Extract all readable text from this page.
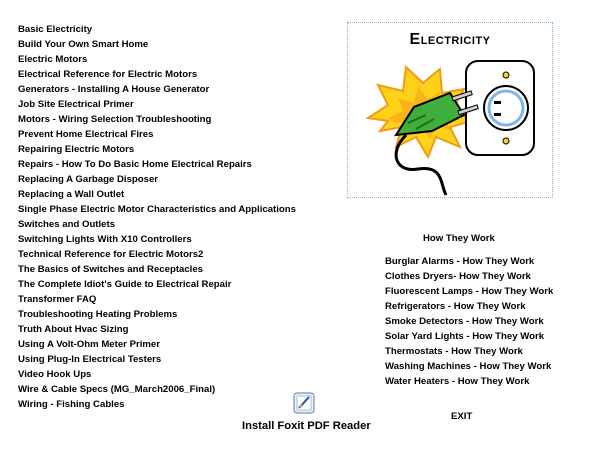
Basic Electricity
Build Your Own Smart Home
Electric Motors
Electrical Reference for Electric Motors
Generators - Installing A House Generator
Job Site Electrical Primer
Motors - Wiring Selection Troubleshooting
Prevent Home Electrical Fires
Repairing Electric Motors
Repairs - How To Do Basic Home Electrical Repairs
Replacing A Garbage Disposer
Replacing a Wall Outlet
Single Phase Electric Motor Characteristics and Applications
Switches and Outlets
Switching Lights With X10 Controllers
Technical Reference for Electric Motors2
The Basics of Switches and Receptacles
The Complete Idiot's Guide to Electrical Repair
Transformer FAQ
Troubleshooting Heating Problems
Truth About Hvac Sizing
Using A Volt-Ohm Meter Primer
Using Plug-In Electrical Testers
Video Hook Ups
Wire & Cable Specs (MG_March2006_Final)
Wiring - Fishing Cables
Electricity
How They Work
Burglar Alarms - How They Work
Clothes Dryers- How They Work
Fluorescent Lamps - How They Work
Refrigerators - How They Work
Smoke Detectors - How They Work
Solar Yard Lights - How They Work
Thermostats - How They Work
Washing Machines - How They Work
Water Heaters - How They Work
EXIT
Install Foxit PDF Reader
